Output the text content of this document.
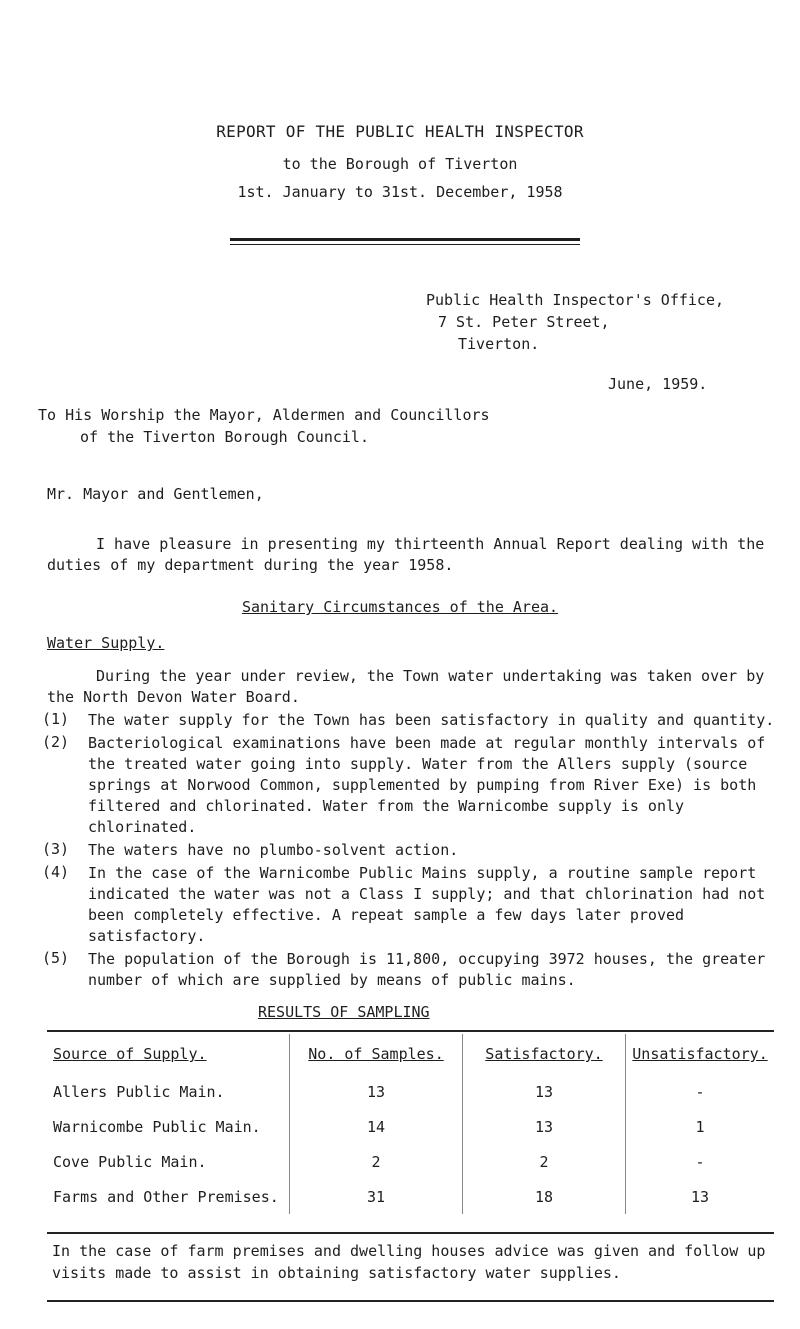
REPORT OF THE PUBLIC HEALTH INSPECTOR
to the Borough of Tiverton
1st. January to 31st. December, 1958
Public Health Inspector's Office,
7 St. Peter Street,
Tiverton.
June, 1959.
To His Worship the Mayor, Aldermen and Councillors
of the Tiverton Borough Council.
Mr. Mayor and Gentlemen,
I have pleasure in presenting my thirteenth Annual Report dealing with the duties of my department during the year 1958.
Sanitary Circumstances of the Area.
Water Supply.
During the year under review, the Town water undertaking was taken over by the North Devon Water Board.
(1) The water supply for the Town has been satisfactory in quality and quantity.
(2) Bacteriological examinations have been made at regular monthly intervals of the treated water going into supply. Water from the Allers supply (source springs at Norwood Common, supplemented by pumping from River Exe) is both filtered and chlorinated. Water from the Warnicombe supply is only chlorinated.
(3) The waters have no plumbo-solvent action.
(4) In the case of the Warnicombe Public Mains supply, a routine sample report indicated the water was not a Class I supply; and that chlorination had not been completely effective. A repeat sample a few days later proved satisfactory.
(5) The population of the Borough is 11,800, occupying 3972 houses, the greater number of which are supplied by means of public mains.
RESULTS OF SAMPLING
Source of Supply.	No. of Samples.	Satisfactory.	Unsatisfactory.
Allers Public Main.	13	13	-
Warnicombe Public Main.	14	13	1
Cove Public Main.	2	2	-
Farms and Other Premises.	31	18	13
In the case of farm premises and dwelling houses advice was given and follow up visits made to assist in obtaining satisfactory water supplies.
